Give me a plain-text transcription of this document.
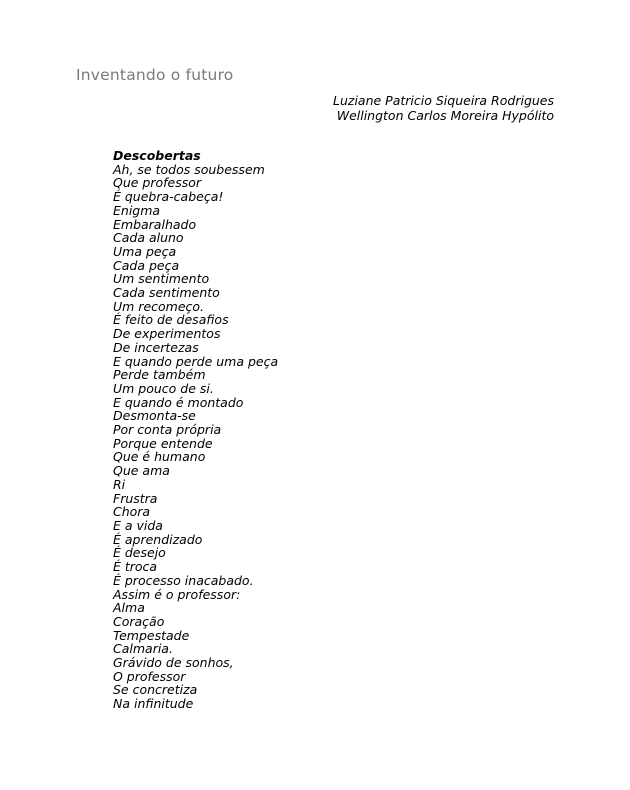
Inventando o futuro
Luziane Patricio Siqueira Rodrigues
Wellington Carlos Moreira Hypólito
Descobertas
Ah, se todos soubessem
Que professor
É quebra-cabeça!
Enigma
Embaralhado
Cada aluno
Uma peça
Cada peça
Um sentimento
Cada sentimento
Um recomeço.
É feito de desafios
De experimentos
De incertezas
E quando perde uma peça
Perde também
Um pouco de si.
E quando é montado
Desmonta-se
Por conta própria
Porque entende
Que é humano
Que ama
Ri
Frustra
Chora
E a vida
É aprendizado
É desejo
É troca
É processo inacabado.
Assim é o professor:
Alma
Coração
Tempestade
Calmaria.
Grávido de sonhos,
O professor
Se concretiza
Na infinitude
